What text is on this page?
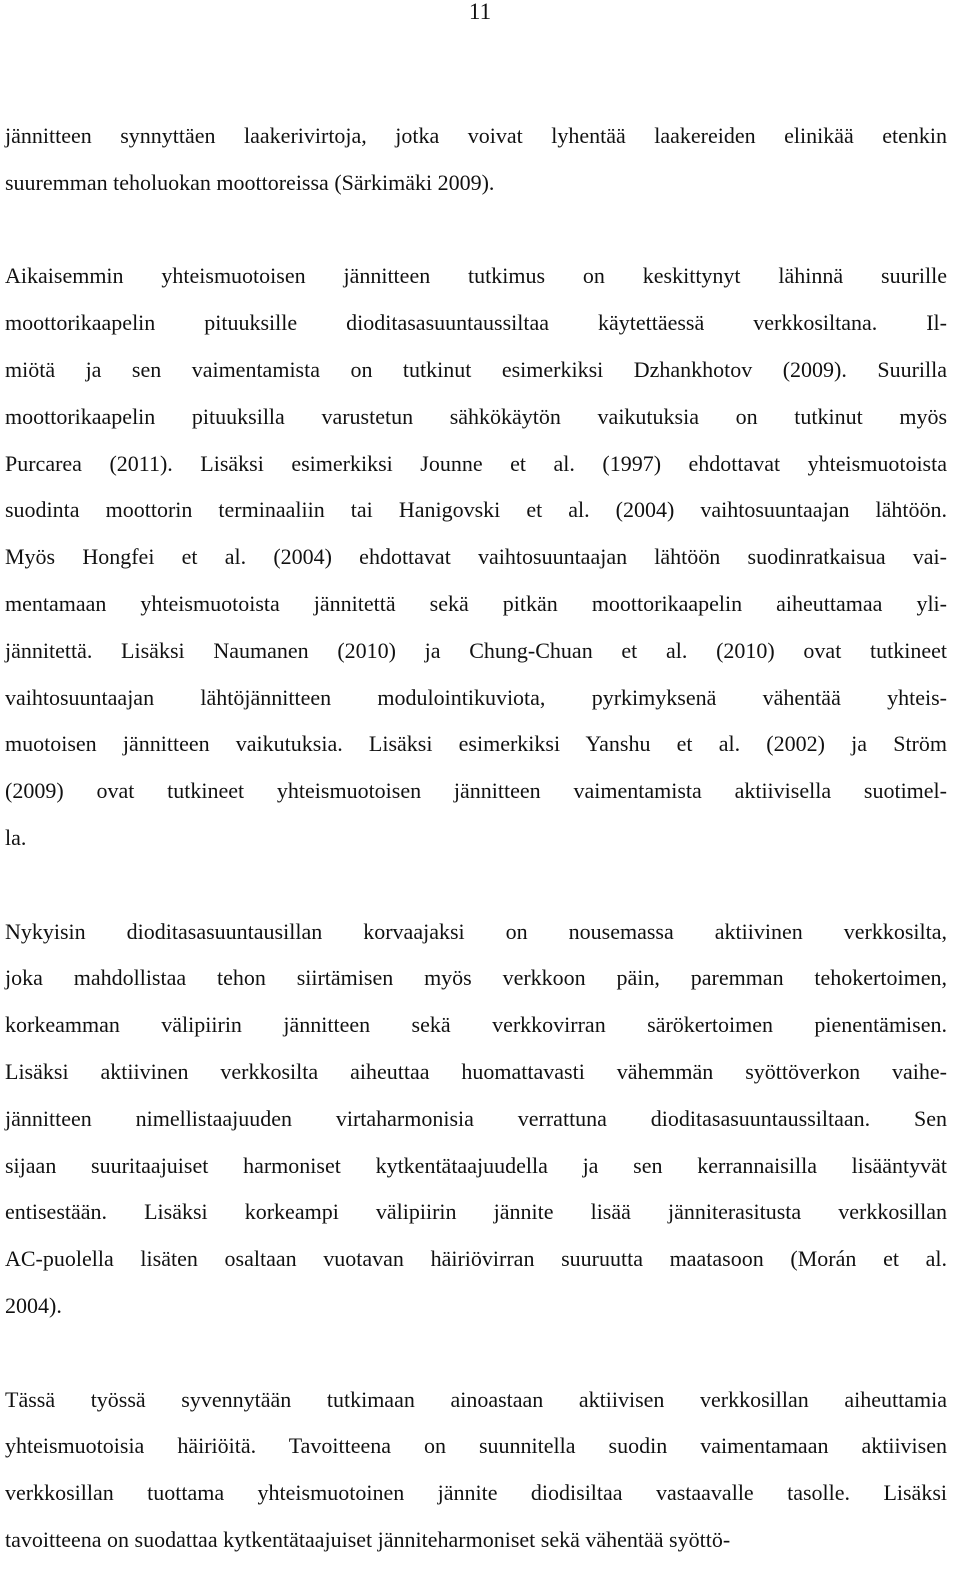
11
jännitteen synnyttäen laakerivirtoja, jotka voivat lyhentää laakereiden elinikää etenkin
suuremman teholuokan moottoreissa (Särkimäki 2009).
Aikaisemmin yhteismuotoisen jännitteen tutkimus on keskittynyt lähinnä suurille
moottorikaapelin pituuksille dioditasasuuntaussiltaa käytettäessä verkkosiltana. Il-
miötä ja sen vaimentamista on tutkinut esimerkiksi Dzhankhotov (2009). Suurilla
moottorikaapelin pituuksilla varustetun sähkökäytön vaikutuksia on tutkinut myös
Purcarea (2011). Lisäksi esimerkiksi Jounne et al. (1997) ehdottavat yhteismuotoista
suodinta moottorin terminaaliin tai Hanigovski et al. (2004) vaihtosuuntaajan lähtöön.
Myös Hongfei et al. (2004) ehdottavat vaihtosuuntaajan lähtöön suodinratkaisua vai-
mentamaan yhteismuotoista jännitettä sekä pitkän moottorikaapelin aiheuttamaa yli-
jännitettä. Lisäksi Naumanen (2010) ja Chung-Chuan et al. (2010) ovat tutkineet
vaihtosuuntaajan lähtöjännitteen modulointikuviota, pyrkimyksenä vähentää yhteis-
muotoisen jännitteen vaikutuksia. Lisäksi esimerkiksi Yanshu et al. (2002) ja Ström
(2009) ovat tutkineet yhteismuotoisen jännitteen vaimentamista aktiivisella suotimel-
la.
Nykyisin dioditasasuuntausillan korvaajaksi on nousemassa aktiivinen verkkosilta,
joka mahdollistaa tehon siirtämisen myös verkkoon päin, paremman tehokertoimen,
korkeamman välipiirin jännitteen sekä verkkovirran särökertoimen pienentämisen.
Lisäksi aktiivinen verkkosilta aiheuttaa huomattavasti vähemmän syöttöverkon vaihe-
jännitteen nimellistaajuuden virtaharmonisia verrattuna dioditasasuuntaussiltaan. Sen
sijaan suuritaajuiset harmoniset kytkentätaajuudella ja sen kerrannaisilla lisääntyvät
entisestään. Lisäksi korkeampi välipiirin jännite lisää jänniterasitusta verkkosillan
AC-puolella lisäten osaltaan vuotavan häiriövirran suuruutta maatasoon (Morán et al.
2004).
Tässä työssä syvennytään tutkimaan ainoastaan aktiivisen verkkosillan aiheuttamia
yhteismuotoisia häiriöitä. Tavoitteena on suunnitella suodin vaimentamaan aktiivisen
verkkosillan tuottama yhteismuotoinen jännite diodisiltaa vastaavalle tasolle. Lisäksi
tavoitteena on suodattaa kytkentätaajuiset jänniteharmoniset sekä vähentää syöttö-
